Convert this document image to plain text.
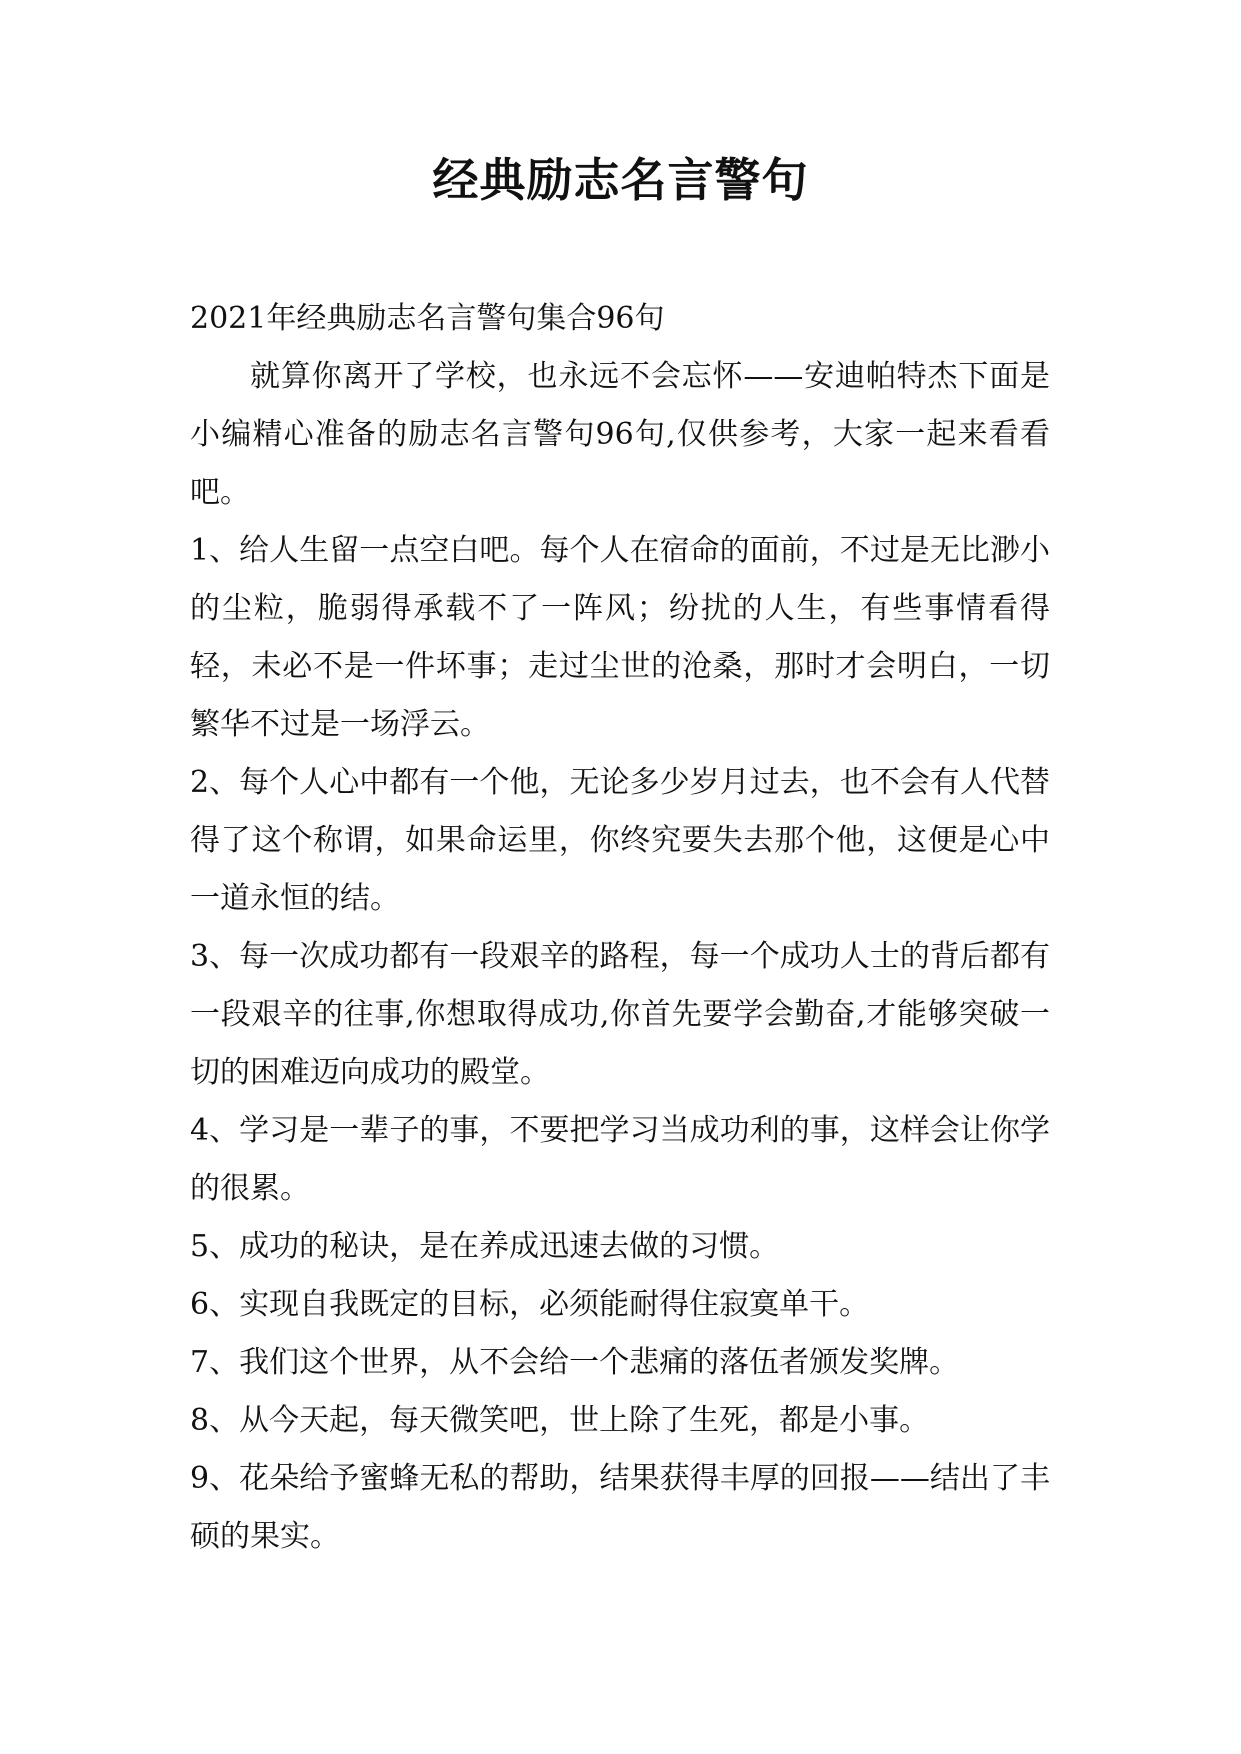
经典励志名言警句

2021年经典励志名言警句集合96句

就算你离开了学校，也永远不会忘怀——安迪帕特杰下面是小编精心准备的励志名言警句96句,仅供参考，大家一起来看看吧。

1、给人生留一点空白吧。每个人在宿命的面前，不过是无比渺小的尘粒，脆弱得承载不了一阵风；纷扰的人生，有些事情看得轻，未必不是一件坏事；走过尘世的沧桑，那时才会明白，一切繁华不过是一场浮云。

2、每个人心中都有一个他，无论多少岁月过去，也不会有人代替得了这个称谓，如果命运里，你终究要失去那个他，这便是心中一道永恒的结。

3、每一次成功都有一段艰辛的路程，每一个成功人士的背后都有一段艰辛的往事,你想取得成功,你首先要学会勤奋,才能够突破一切的困难迈向成功的殿堂。

4、学习是一辈子的事，不要把学习当成功利的事，这样会让你学的很累。

5、成功的秘诀，是在养成迅速去做的习惯。

6、实现自我既定的目标，必须能耐得住寂寞单干。

7、我们这个世界，从不会给一个悲痛的落伍者颁发奖牌。

8、从今天起，每天微笑吧，世上除了生死，都是小事。

9、花朵给予蜜蜂无私的帮助，结果获得丰厚的回报——结出了丰硕的果实。
